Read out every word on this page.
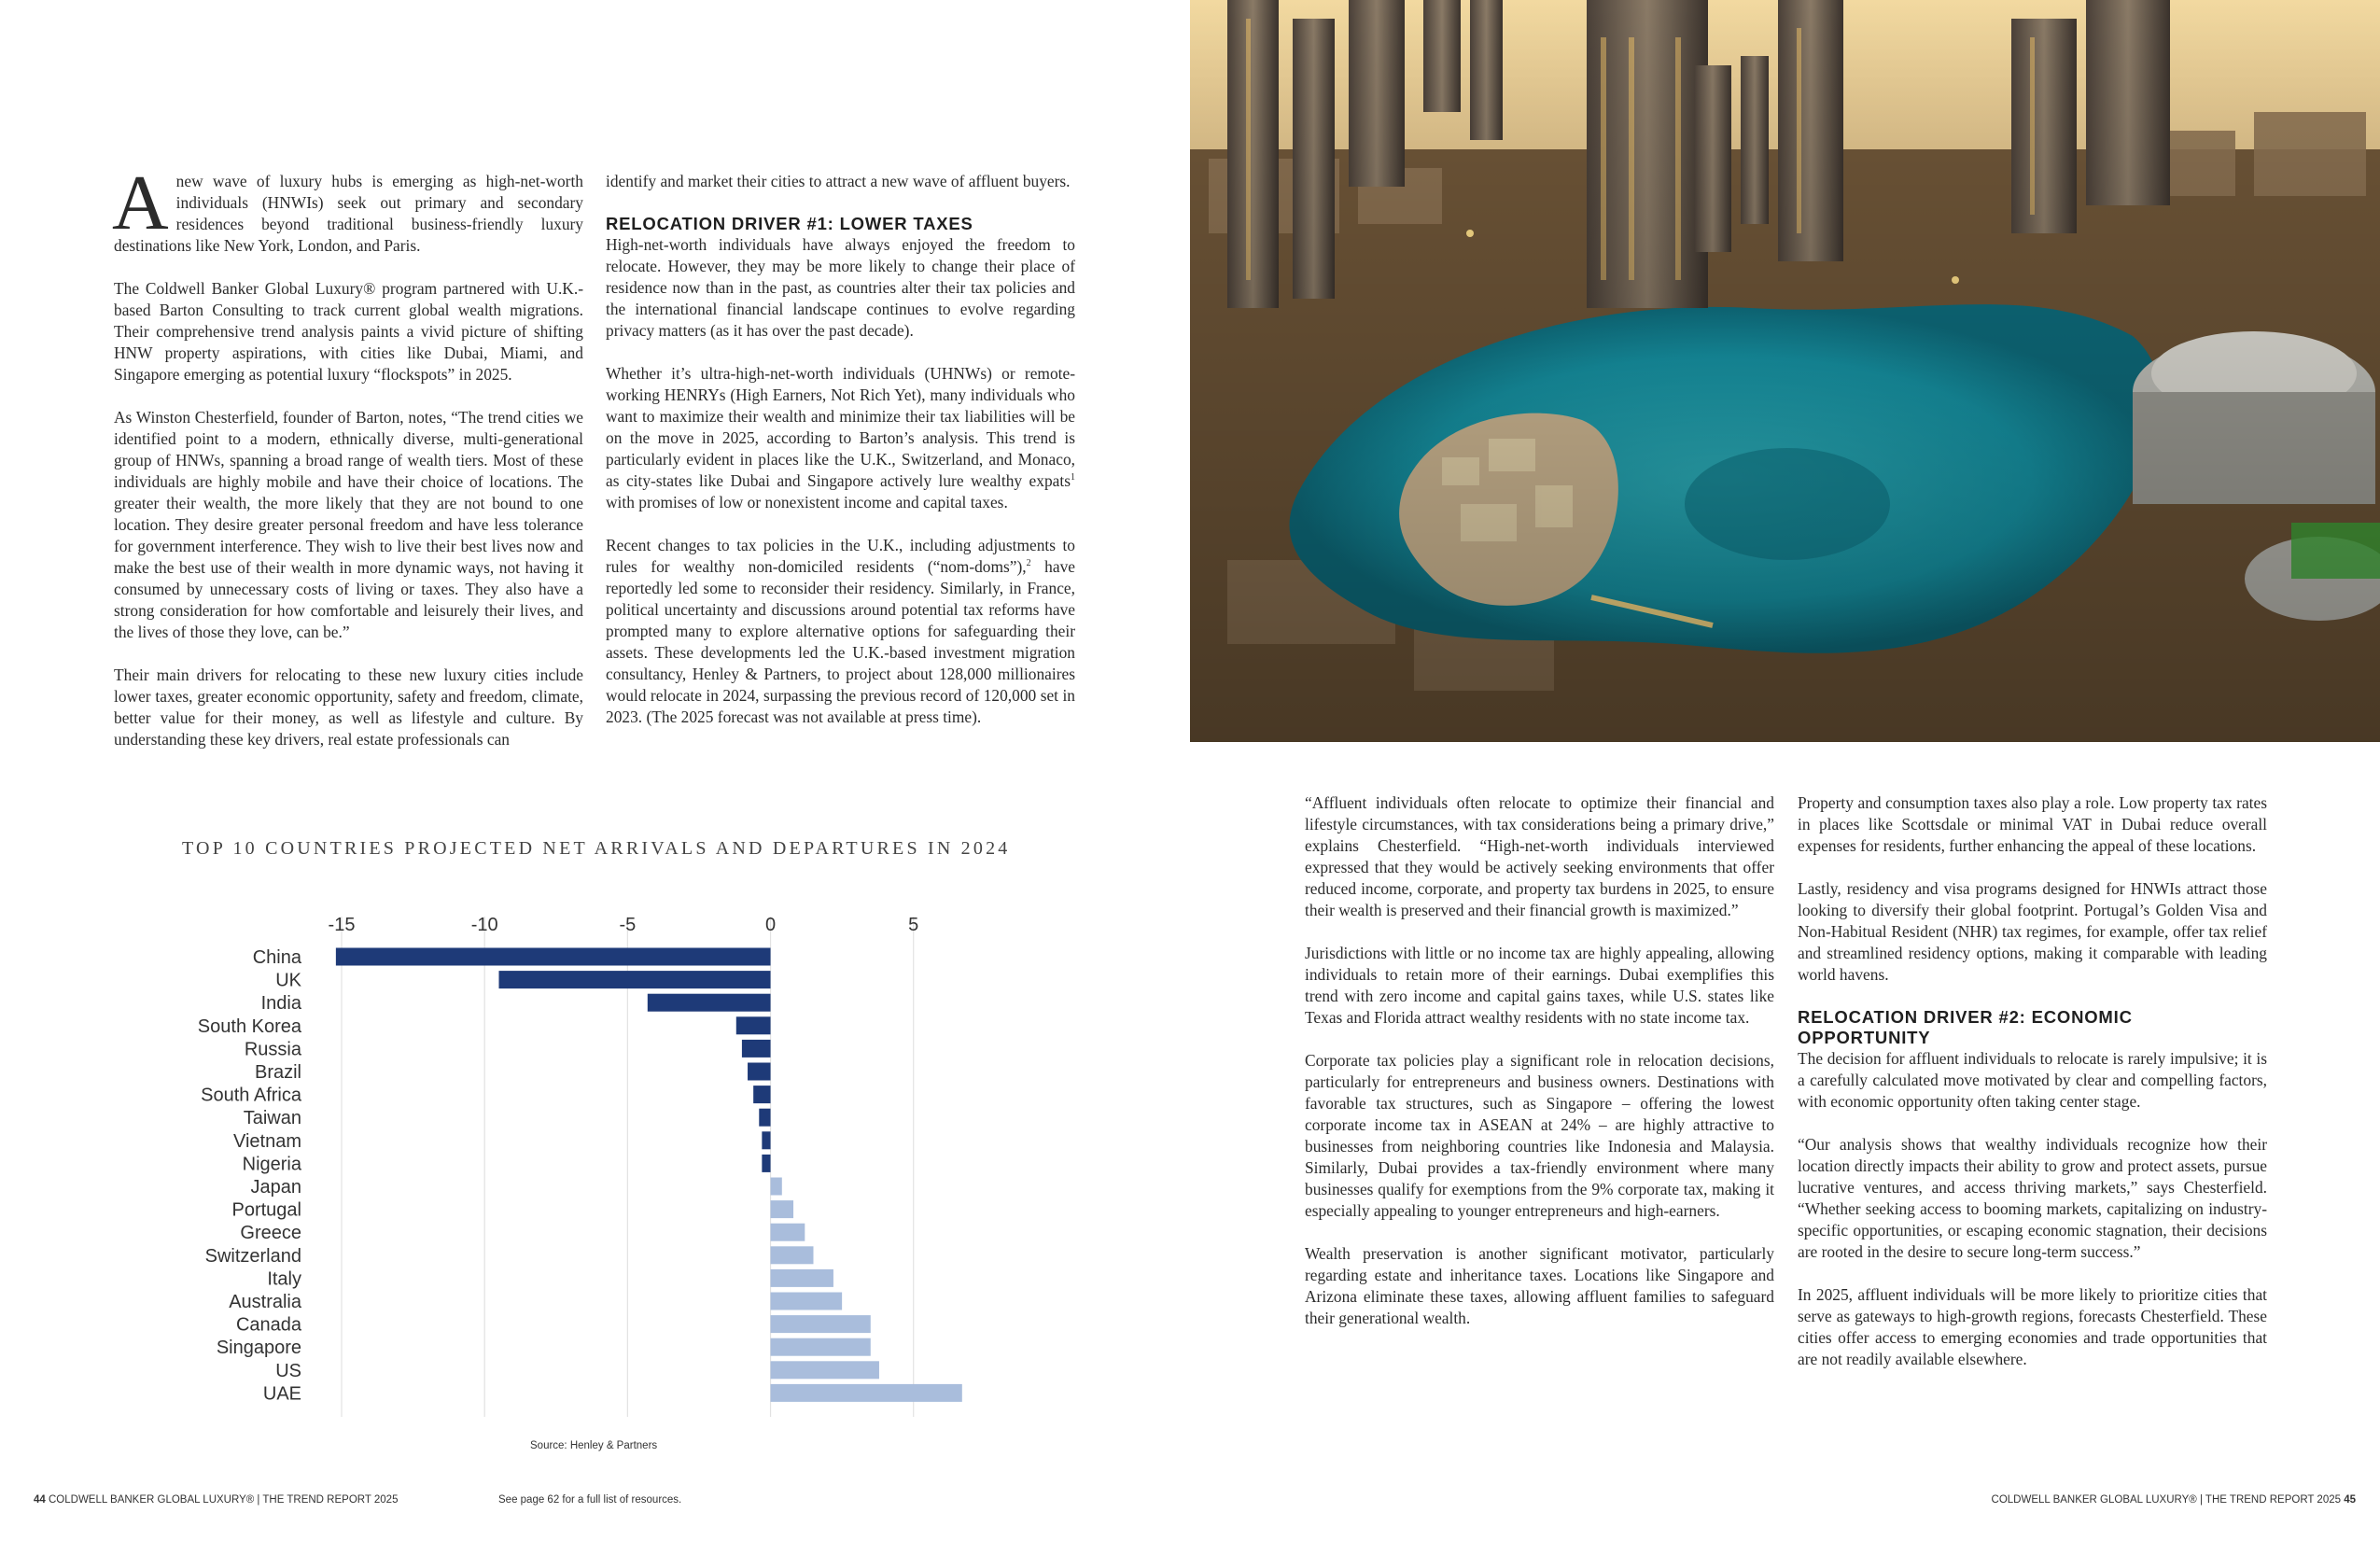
Anew wave of luxury hubs is emerging as high-net-worth individuals (HNWIs) seek out primary and secondary residences beyond traditional business-friendly luxury destinations like New York, London, and Paris.

The Coldwell Banker Global Luxury® program partnered with U.K.-based Barton Consulting to track current global wealth migrations. Their comprehensive trend analysis paints a vivid picture of shifting HNW property aspirations, with cities like Dubai, Miami, and Singapore emerging as potential luxury “flockspots” in 2025.

As Winston Chesterfield, founder of Barton, notes, “The trend cities we identified point to a modern, ethnically diverse, multi-generational group of HNWs, spanning a broad range of wealth tiers. Most of these individuals are highly mobile and have their choice of locations. The greater their wealth, the more likely that they are not bound to one location. They desire greater personal freedom and have less tolerance for government interference. They wish to live their best lives now and make the best use of their wealth in more dynamic ways, not having it consumed by unnecessary costs of living or taxes. They also have a strong consideration for how comfortable and leisurely their lives, and the lives of those they love, can be.”

Their main drivers for relocating to these new luxury cities include lower taxes, greater economic opportunity, safety and freedom, climate, better value for their money, as well as lifestyle and culture. By understanding these key drivers, real estate professionals can

identify and market their cities to attract a new wave of affluent buyers.

RELOCATION DRIVER #1: LOWER TAXES

High-net-worth individuals have always enjoyed the freedom to relocate. However, they may be more likely to change their place of residence now than in the past, as countries alter their tax policies and the international financial landscape continues to evolve regarding privacy matters (as it has over the past decade).

Whether it’s ultra-high-net-worth individuals (UHNWs) or remote-working HENRYs (High Earners, Not Rich Yet), many individuals who want to maximize their wealth and minimize their tax liabilities will be on the move in 2025, according to Barton’s analysis. This trend is particularly evident in places like the U.K., Switzerland, and Monaco, as city-states like Dubai and Singapore actively lure wealthy expats$^1$ with promises of low or nonexistent income and capital taxes.

Recent changes to tax policies in the U.K., including adjustments to rules for wealthy non-domiciled residents (“nom-doms”),$^2$ have reportedly led some to reconsider their residency. Similarly, in France, political uncertainty and discussions around potential tax reforms have prompted many to explore alternative options for safeguarding their assets. These developments led the U.K.-based investment migration consultancy, Henley & Partners, to project about 128,000 millionaires would relocate in 2024, surpassing the previous record of 120,000 set in 2023. (The 2025 forecast was not available at press time).

TOP 10 COUNTRIES PROJECTED NET ARRIVALS AND DEPARTURES IN 2024
-15	-10	-5	0	5
China
UK
India
South Korea
Russia
Brazil
South Africa
Taiwan
Vietnam
Nigeria
Japan
Portugal
Greece
Switzerland
Italy
Australia
Canada
Singapore
US
UAE
Source: Henley & Partners

“Affluent individuals often relocate to optimize their financial and lifestyle circumstances, with tax considerations being a primary drive,” explains Chesterfield. “High-net-worth individuals interviewed expressed that they would be actively seeking environments that offer reduced income, corporate, and property tax burdens in 2025, to ensure their wealth is preserved and their financial growth is maximized.”

Jurisdictions with little or no income tax are highly appealing, allowing individuals to retain more of their earnings. Dubai exemplifies this trend with zero income and capital gains taxes, while U.S. states like Texas and Florida attract wealthy residents with no state income tax.

Corporate tax policies play a significant role in relocation decisions, particularly for entrepreneurs and business owners. Destinations with favorable tax structures, such as Singapore – offering the lowest corporate income tax in ASEAN at 24% – are highly attractive to businesses from neighboring countries like Indonesia and Malaysia. Similarly, Dubai provides a tax-friendly environment where many businesses qualify for exemptions from the 9% corporate tax, making it especially appealing to younger entrepreneurs and high-earners.

Wealth preservation is another significant motivator, particularly regarding estate and inheritance taxes. Locations like Singapore and Arizona eliminate these taxes, allowing affluent families to safeguard their generational wealth.

Property and consumption taxes also play a role. Low property tax rates in places like Scottsdale or minimal VAT in Dubai reduce overall expenses for residents, further enhancing the appeal of these locations.

Lastly, residency and visa programs designed for HNWIs attract those looking to diversify their global footprint. Portugal’s Golden Visa and Non-Habitual Resident (NHR) tax regimes, for example, offer tax relief and streamlined residency options, making it comparable with leading world havens.

RELOCATION DRIVER #2: ECONOMIC OPPORTUNITY

The decision for affluent individuals to relocate is rarely impulsive; it is a carefully calculated move motivated by clear and compelling factors, with economic opportunity often taking center stage.

“Our analysis shows that wealthy individuals recognize how their location directly impacts their ability to grow and protect assets, pursue lucrative ventures, and access thriving markets,” says Chesterfield. “Whether seeking access to booming markets, capitalizing on industry-specific opportunities, or escaping economic stagnation, their decisions are rooted in the desire to secure long-term success.”

In 2025, affluent individuals will be more likely to prioritize cities that serve as gateways to high-growth regions, forecasts Chesterfield. These cities offer access to emerging economies and trade opportunities that are not readily available elsewhere.

44 COLDWELL BANKER GLOBAL LUXURY® | THE TREND REPORT 2025	See page 62 for a full list of resources.	COLDWELL BANKER GLOBAL LUXURY® | THE TREND REPORT 2025 45
